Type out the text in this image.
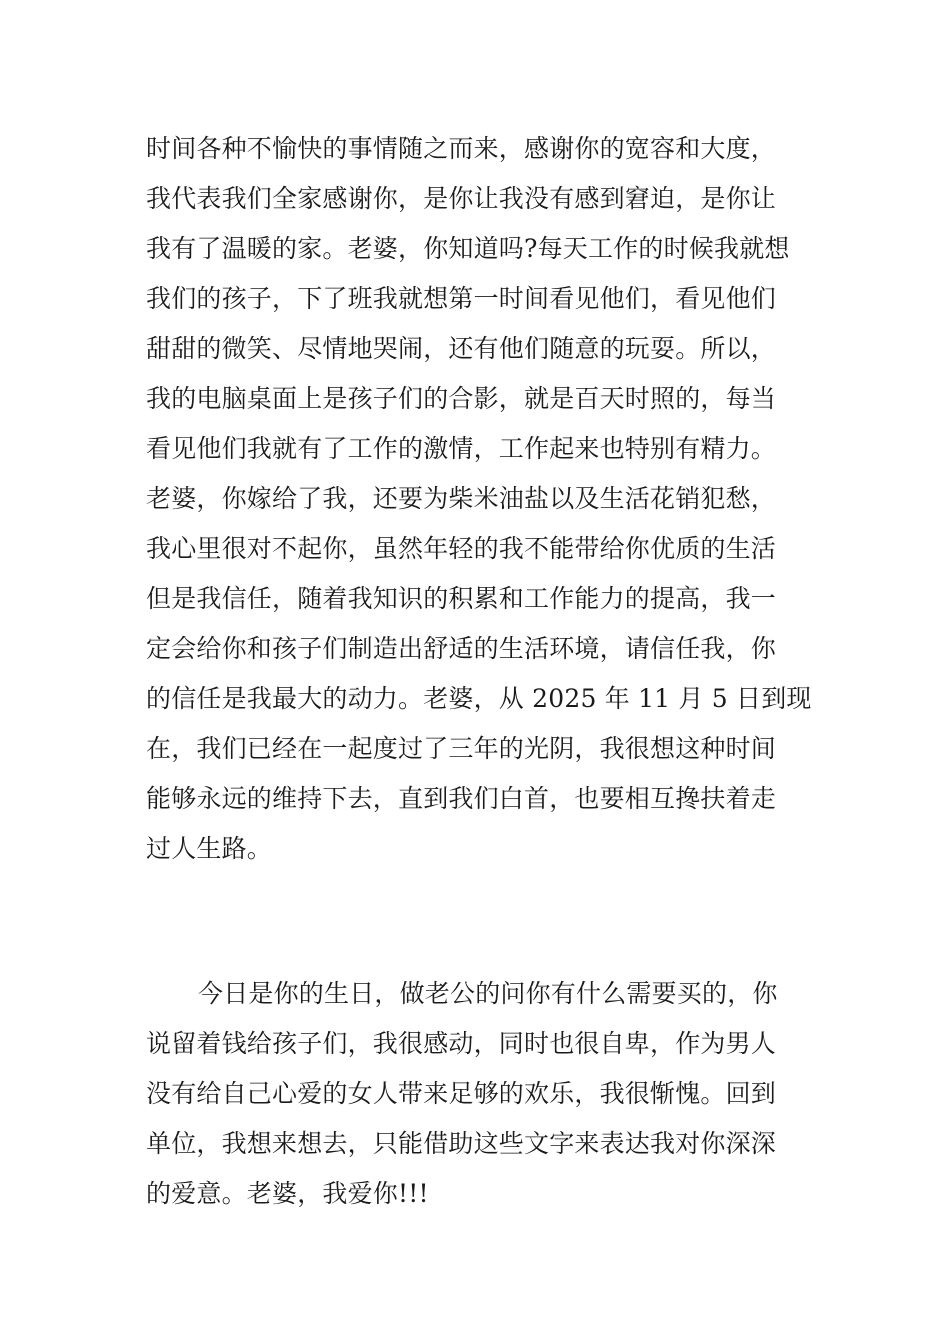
时间各种不愉快的事情随之而来，感谢你的宽容和大度，
我代表我们全家感谢你，是你让我没有感到窘迫，是你让
我有了温暖的家。老婆，你知道吗?每天工作的时候我就想
我们的孩子，下了班我就想第一时间看见他们，看见他们
甜甜的微笑、尽情地哭闹，还有他们随意的玩耍。所以，
我的电脑桌面上是孩子们的合影，就是百天时照的，每当
看见他们我就有了工作的激情，工作起来也特别有精力。
老婆，你嫁给了我，还要为柴米油盐以及生活花销犯愁，
我心里很对不起你，虽然年轻的我不能带给你优质的生活
但是我信任，随着我知识的积累和工作能力的提高，我一
定会给你和孩子们制造出舒适的生活环境，请信任我，你
的信任是我最大的动力。老婆，从 2025 年 11 月 5 日到现
在，我们已经在一起度过了三年的光阴，我很想这种时间
能够永远的维持下去，直到我们白首，也要相互搀扶着走
过人生路。
今日是你的生日，做老公的问你有什么需要买的，你
说留着钱给孩子们，我很感动，同时也很自卑，作为男人
没有给自己心爱的女人带来足够的欢乐，我很惭愧。回到
单位，我想来想去，只能借助这些文字来表达我对你深深
的爱意。老婆，我爱你!!!
